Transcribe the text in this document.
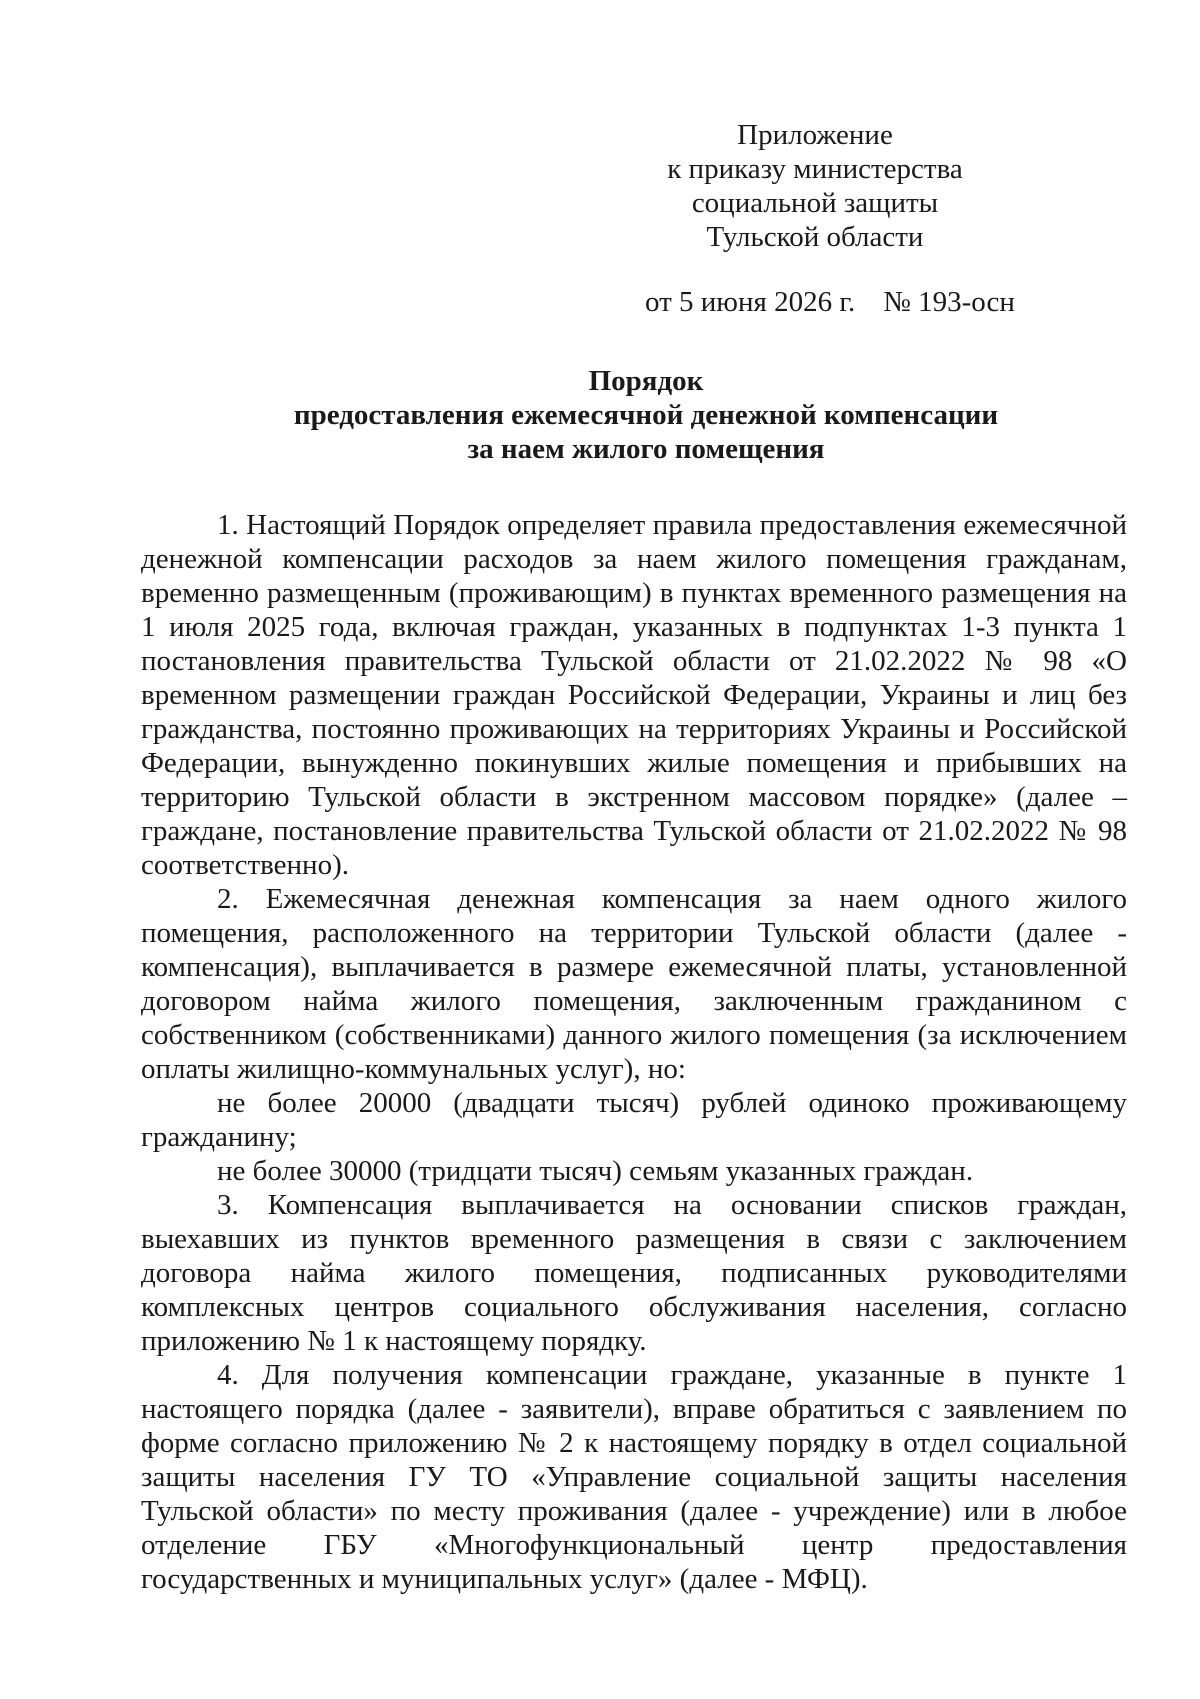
Приложение
к приказу министерства
социальной защиты
Тульской области
от 5 июня 2026 г. № 193-осн
Порядок
предоставления ежемесячной денежной компенсации
за наем жилого помещения

1. Настоящий Порядок определяет правила предоставления ежемесячной денежной компенсации расходов за наем жилого помещения гражданам, временно размещенным (проживающим) в пунктах временного размещения на 1 июля 2025 года, включая граждан, указанных в подпунктах 1-3 пункта 1 постановления правительства Тульской области от 21.02.2022 № 98 «О временном размещении граждан Российской Федерации, Украины и лиц без гражданства, постоянно проживающих на территориях Украины и Российской Федерации, вынужденно покинувших жилые помещения и прибывших на территорию Тульской области в экстренном массовом порядке» (далее – граждане, постановление правительства Тульской области от 21.02.2022 № 98 соответственно).

2. Ежемесячная денежная компенсация за наем одного жилого помещения, расположенного на территории Тульской области (далее - компенсация), выплачивается в размере ежемесячной платы, установленной договором найма жилого помещения, заключенным гражданином с собственником (собственниками) данного жилого помещения (за исключением оплаты жилищно-коммунальных услуг), но:

не более 20000 (двадцати тысяч) рублей одиноко проживающему гражданину;

не более 30000 (тридцати тысяч) семьям указанных граждан.

3. Компенсация выплачивается на основании списков граждан, выехавших из пунктов временного размещения в связи с заключением договора найма жилого помещения, подписанных руководителями комплексных центров социального обслуживания населения, согласно приложению № 1 к настоящему порядку.

4. Для получения компенсации граждане, указанные в пункте 1 настоящего порядка (далее - заявители), вправе обратиться с заявлением по форме согласно приложению № 2 к настоящему порядку в отдел социальной защиты населения ГУ ТО «Управление социальной защиты населения Тульской области» по месту проживания (далее - учреждение) или в любое отделение ГБУ «Многофункциональный центр предоставления государственных и муниципальных услуг» (далее - МФЦ).
